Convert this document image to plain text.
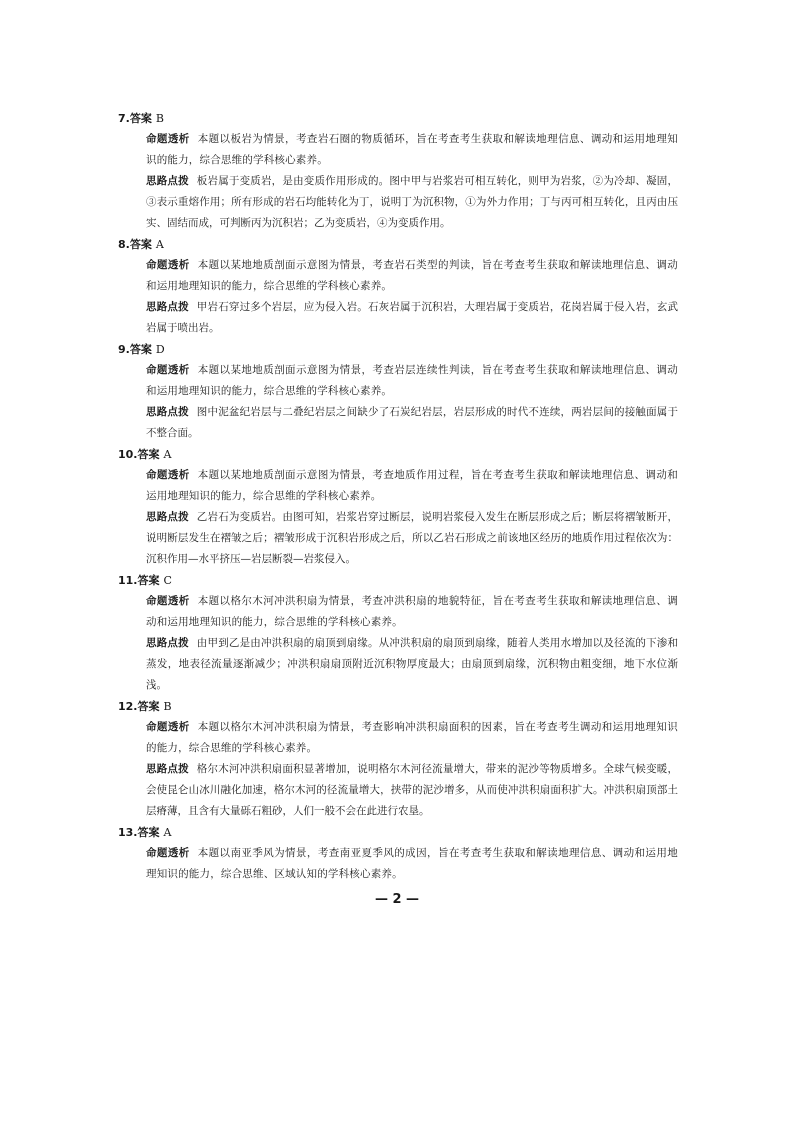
7.答案 B
命题透析 本题以板岩为情景，考查岩石圈的物质循环，旨在考查考生获取和解读地理信息、调动和运用地理知识的能力，综合思维的学科核心素养。
思路点拨 板岩属于变质岩，是由变质作用形成的。图中甲与岩浆岩可相互转化，则甲为岩浆，②为冷却、凝固，③表示重熔作用；所有形成的岩石均能转化为丁，说明丁为沉积物，①为外力作用；丁与丙可相互转化，且丙由压实、固结而成，可判断丙为沉积岩；乙为变质岩，④为变质作用。
8.答案 A
命题透析 本题以某地地质剖面示意图为情景，考查岩石类型的判读，旨在考查考生获取和解读地理信息、调动和运用地理知识的能力，综合思维的学科核心素养。
思路点拨 甲岩石穿过多个岩层，应为侵入岩。石灰岩属于沉积岩，大理岩属于变质岩，花岗岩属于侵入岩，玄武岩属于喷出岩。
9.答案 D
命题透析 本题以某地地质剖面示意图为情景，考查岩层连续性判读，旨在考查考生获取和解读地理信息、调动和运用地理知识的能力，综合思维的学科核心素养。
思路点拨 图中泥盆纪岩层与二叠纪岩层之间缺少了石炭纪岩层，岩层形成的时代不连续，两岩层间的接触面属于不整合面。
10.答案 A
命题透析 本题以某地地质剖面示意图为情景，考查地质作用过程，旨在考查考生获取和解读地理信息、调动和运用地理知识的能力，综合思维的学科核心素养。
思路点拨 乙岩石为变质岩。由图可知，岩浆岩穿过断层，说明岩浆侵入发生在断层形成之后；断层将褶皱断开，说明断层发生在褶皱之后；褶皱形成于沉积岩形成之后，所以乙岩石形成之前该地区经历的地质作用过程依次为：沉积作用—水平挤压—岩层断裂—岩浆侵入。
11.答案 C
命题透析 本题以格尔木河冲洪积扇为情景，考查冲洪积扇的地貌特征，旨在考查考生获取和解读地理信息、调动和运用地理知识的能力，综合思维的学科核心素养。
思路点拨 由甲到乙是由冲洪积扇的扇顶到扇缘。从冲洪积扇的扇顶到扇缘，随着人类用水增加以及径流的下渗和蒸发，地表径流量逐渐减少；冲洪积扇扇顶附近沉积物厚度最大；由扇顶到扇缘，沉积物由粗变细，地下水位渐浅。
12.答案 B
命题透析 本题以格尔木河冲洪积扇为情景，考查影响冲洪积扇面积的因素，旨在考查考生调动和运用地理知识的能力，综合思维的学科核心素养。
思路点拨 格尔木河冲洪积扇面积显著增加，说明格尔木河径流量增大，带来的泥沙等物质增多。全球气候变暖，会使昆仑山冰川融化加速，格尔木河的径流量增大，挟带的泥沙增多，从而使冲洪积扇面积扩大。冲洪积扇顶部土层瘠薄，且含有大量砾石粗砂，人们一般不会在此进行农垦。
13.答案 A
命题透析 本题以南亚季风为情景，考查南亚夏季风的成因，旨在考查考生获取和解读地理信息、调动和运用地理知识的能力，综合思维、区域认知的学科核心素养。
— 2 —
